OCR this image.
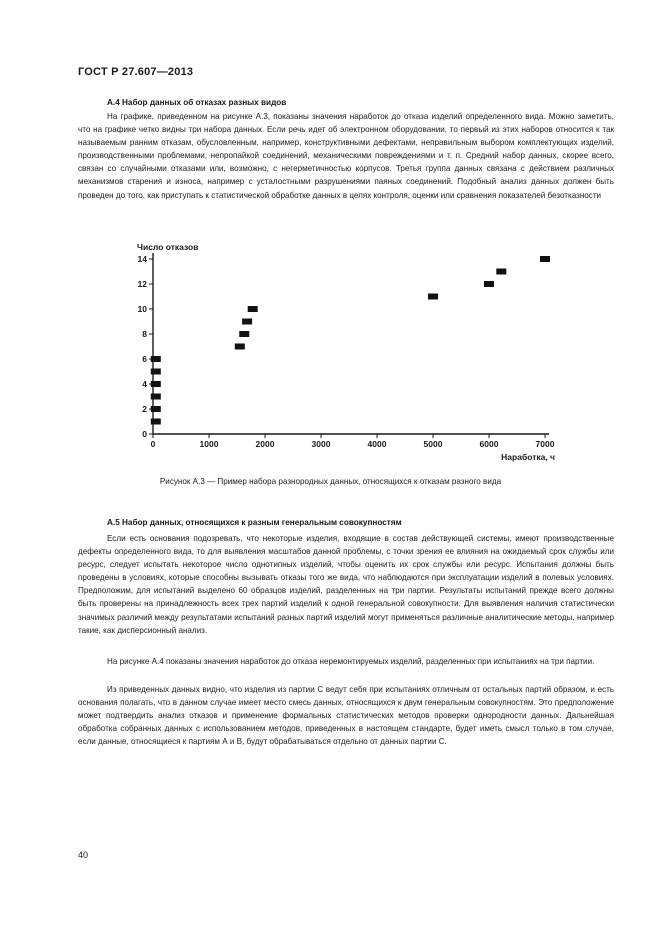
ГОСТ Р 27.607—2013
А.4 Набор данных об отказах разных видов

На графике, приведенном на рисунке А.3, показаны значения наработок до отказа изделий определенного вида. Можно заметить, что на графике четко видны три набора данных. Если речь идет об электронном оборудовании, то первый из этих наборов относится к так называемым ранним отказам, обусловленным, например, конструктивными дефектами, неправильным выбором комплектующих изделий, производственными проблемами, непропайкой соединений, механическими повреждениями и т. п. Средний набор данных, скорее всего, связан со случайными отказами или, возможно, с негерметичностью корпусов. Третья группа данных связана с действием различных механизмов старения и износа, например с усталостными разрушениями паяных соединений. Подобный анализ данных должен быть проведен до того, как приступать к статистической обработке данных в целях контроля, оценки или сравнения показателей безотказности

0
2
4
6
8
10
12
14
0	1000	2000	3000	4000	5000	6000	7000
Число отказов
Наработка, ч
Рисунок А.3 — Пример набора разнородных данных, относящихся к отказам разного вида
А.5 Набор данных, относящихся к разным генеральным совокупностям

Если есть основания подозревать, что некоторые изделия, входящие в состав действующей системы, имеют производственные дефекты определенного вида, то для выявления масштабов данной проблемы, с точки зрения ее влияния на ожидаемый срок службы или ресурс, следует испытать некоторое число однотипных изделий, чтобы оценить их срок службы или ресурс. Испытания должны быть проведены в условиях, которые способны вызывать отказы того же вида, что наблюдаются при эксплуатации изделий в полевых условиях. Предположим, для испытаний выделено 60 образцов изделий, разделенных на три партии. Результаты испытаний прежде всего должны быть проверены на принадлежность всех трех партий изделий к одной генеральной совокупности. Для выявления наличия статистически значимых различий между результатами испытаний разных партий изделий могут применяться различные аналитические методы, например такие, как дисперсионный анализ.

На рисунке А.4 показаны значения наработок до отказа неремонтируемых изделий, разделенных при испытаниях на три партии.

Из приведенных данных видно, что изделия из партии С ведут себя при испытаниях отличным от остальных партий образом, и есть основания полагать, что в данном случае имеет место смесь данных, относящихся к двум генеральным совокупностям. Это предположение может подтвердить анализ отказов и применение формальных статистических методов проверки однородности данных. Дальнейшая обработка собранных данных с использованием методов, приведенных в настоящем стандарте, будет иметь смысл только в том случае, если данные, относящиеся к партиям А и В, будут обрабатываться отдельно от данных партии С.

40
